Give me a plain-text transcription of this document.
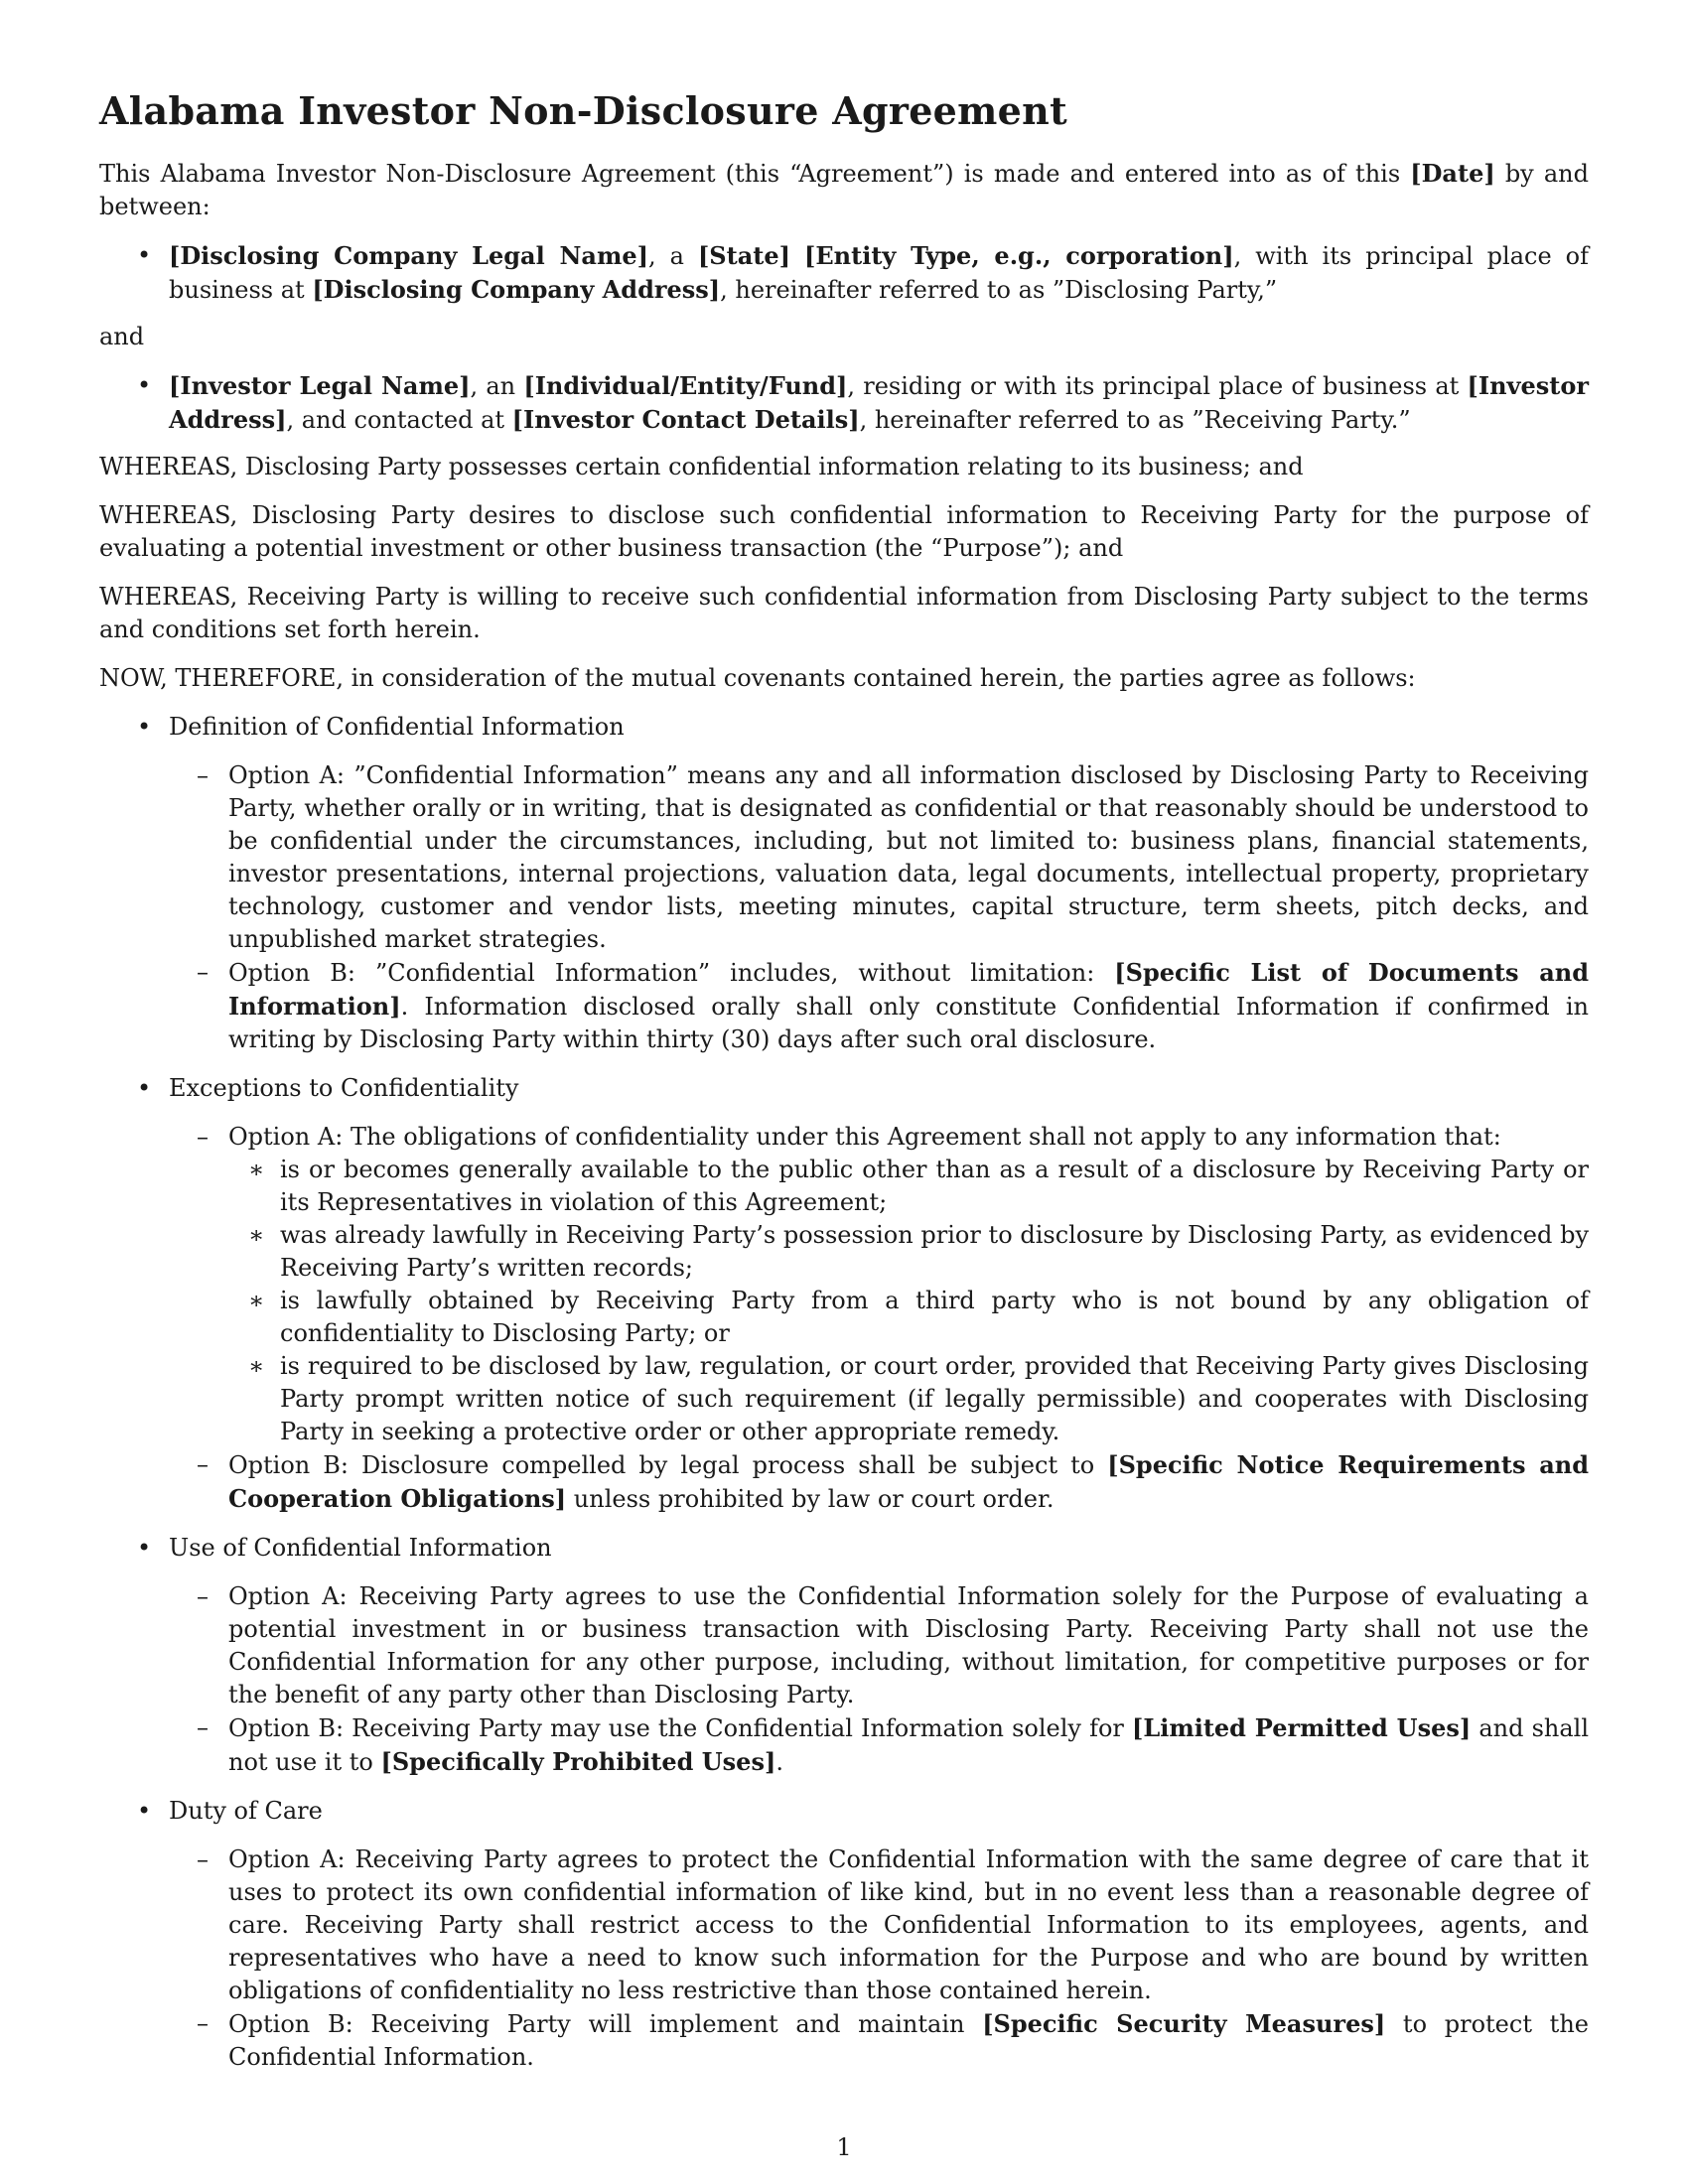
Alabama Investor Non-Disclosure Agreement

This Alabama Investor Non-Disclosure Agreement (this “Agreement”) is made and entered into as of this [Date] by and between:

• [Disclosing Company Legal Name], a [State] [Entity Type, e.g., corporation], with its principal place of business at [Disclosing Company Address], hereinafter referred to as ”Disclosing Party,”

and

• [Investor Legal Name], an [Individual/Entity/Fund], residing or with its principal place of business at [Investor Address], and contacted at [Investor Contact Details], hereinafter referred to as ”Receiving Party.”

WHEREAS, Disclosing Party possesses certain confidential information relating to its business; and

WHEREAS, Disclosing Party desires to disclose such confidential information to Receiving Party for the purpose of evaluating a potential investment or other business transaction (the “Purpose”); and

WHEREAS, Receiving Party is willing to receive such confidential information from Disclosing Party subject to the terms and conditions set forth herein.

NOW, THEREFORE, in consideration of the mutual covenants contained herein, the parties agree as follows:

• Definition of Confidential Information
– Option A: ”Confidential Information” means any and all information disclosed by Disclosing Party to Receiving Party, whether orally or in writing, that is designated as confidential or that reasonably should be understood to be confidential under the circumstances, including, but not limited to: business plans, financial statements, investor presentations, internal projections, valuation data, legal documents, intellectual property, proprietary technology, customer and vendor lists, meeting minutes, capital structure, term sheets, pitch decks, and unpublished market strategies.
– Option B: ”Confidential Information” includes, without limitation: [Specific List of Documents and Information]. Information disclosed orally shall only constitute Confidential Information if confirmed in writing by Disclosing Party within thirty (30) days after such oral disclosure.
• Exceptions to Confidentiality
– Option A: The obligations of confidentiality under this Agreement shall not apply to any information that:
∗ is or becomes generally available to the public other than as a result of a disclosure by Receiving Party or its Representatives in violation of this Agreement;
∗ was already lawfully in Receiving Party’s possession prior to disclosure by Disclosing Party, as evidenced by Receiving Party’s written records;
∗ is lawfully obtained by Receiving Party from a third party who is not bound by any obligation of confidentiality to Disclosing Party; or
∗ is required to be disclosed by law, regulation, or court order, provided that Receiving Party gives Disclosing Party prompt written notice of such requirement (if legally permissible) and cooperates with Disclosing Party in seeking a protective order or other appropriate remedy.
– Option B: Disclosure compelled by legal process shall be subject to [Specific Notice Requirements and Cooperation Obligations] unless prohibited by law or court order.
• Use of Confidential Information
– Option A: Receiving Party agrees to use the Confidential Information solely for the Purpose of evaluating a potential investment in or business transaction with Disclosing Party. Receiving Party shall not use the Confidential Information for any other purpose, including, without limitation, for competitive purposes or for the benefit of any party other than Disclosing Party.
– Option B: Receiving Party may use the Confidential Information solely for [Limited Permitted Uses] and shall not use it to [Specifically Prohibited Uses].
• Duty of Care
– Option A: Receiving Party agrees to protect the Confidential Information with the same degree of care that it uses to protect its own confidential information of like kind, but in no event less than a reasonable degree of care. Receiving Party shall restrict access to the Confidential Information to its employees, agents, and representatives who have a need to know such information for the Purpose and who are bound by written obligations of confidentiality no less restrictive than those contained herein.
– Option B: Receiving Party will implement and maintain [Specific Security Measures] to protect the Confidential Information.
1
